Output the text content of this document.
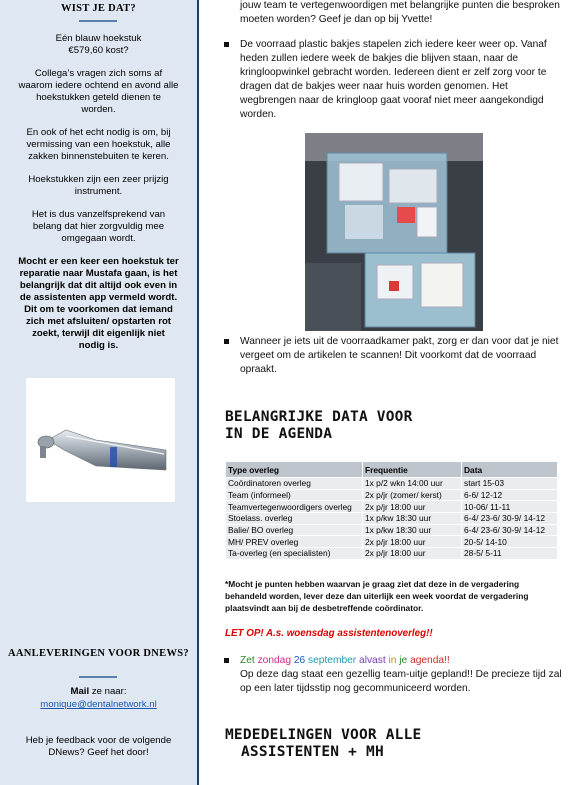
WIST JE DAT?

Eén blauw hoekstuk €579,60 kost?

Collega’s vragen zich soms af waarom iedere ochtend en avond alle hoekstukken geteld dienen te worden.

En ook of het echt nodig is om, bij vermissing van een hoekstuk, alle zakken binnenstebuiten te keren.

Hoekstukken zijn een zeer prijzig instrument.

Het is dus vanzelfsprekend van belang dat hier zorgvuldig mee omgegaan wordt.

Mocht er een keer een hoekstuk ter reparatie naar Mustafa gaan, is het belangrijk dat dit altijd ook even in de assistenten app vermeld wordt. Dit om te voorkomen dat iemand zich met afsluiten/ opstarten rot zoekt, terwijl dit eigenlijk niet nodig is.

AANLEVERINGEN VOOR DNEWS?
Mail ze naar:
monique@dentalnetwork.nl

Heb je feedback voor de volgende DNews? Geef het door!

jouw team te vertegenwoordigen met belangrijke punten die besproken moeten worden? Geef je dan op bij Yvette!
De voorraad plastic bakjes stapelen zich iedere keer weer op. Vanaf heden zullen iedere week de bakjes die blijven staan, naar de kringloopwinkel gebracht worden. Iedereen dient er zelf zorg voor te dragen dat de bakjes weer naar huis worden genomen. Het wegbrengen naar de kringloop gaat vooraf niet meer aangekondigd worden.
Wanneer je iets uit de voorraadkamer pakt, zorg er dan voor dat je niet vergeet om de artikelen te scannen! Dit voorkomt dat de voorraad opraakt.
BELANGRIJKE DATA VOOR
IN DE AGENDA
Type overleg	Frequentie	Data
Coördinatoren overleg	1x p/2 wkn 14:00 uur	start 15-03
Team (informeel)	2x p/jr (zomer/ kerst)	6-6/ 12-12
Teamvertegenwoordigers overleg	2x p/jr 18:00 uur	10-06/ 11-11
Stoelass. overleg	1x p/kw 18:30 uur	6-4/ 23-6/ 30-9/ 14-12
Balie/ BO overleg	1x p/kw 18:30 uur	6-4/ 23-6/ 30-9/ 14-12
MH/ PREV overleg	2x p/jr 18:00 uur	20-5/ 14-10
Ta-overleg (en specialisten)	2x p/jr 18:00 uur	28-5/ 5-11
*Mocht je punten hebben waarvan je graag ziet dat deze in de vergadering behandeld worden, lever deze dan uiterlijk een week voordat de vergadering plaatsvindt aan bij de desbetreffende coördinator.
LET OP! A.s. woensdag assistentenoverleg!!
Zet zondag 26 september alvast in je agenda!!
Op deze dag staat een gezellig team-uitje gepland!! De precieze tijd zal op een later tijdsstip nog gecommuniceerd worden.
MEDEDELINGEN VOOR ALLE
ASSISTENTEN + MH
